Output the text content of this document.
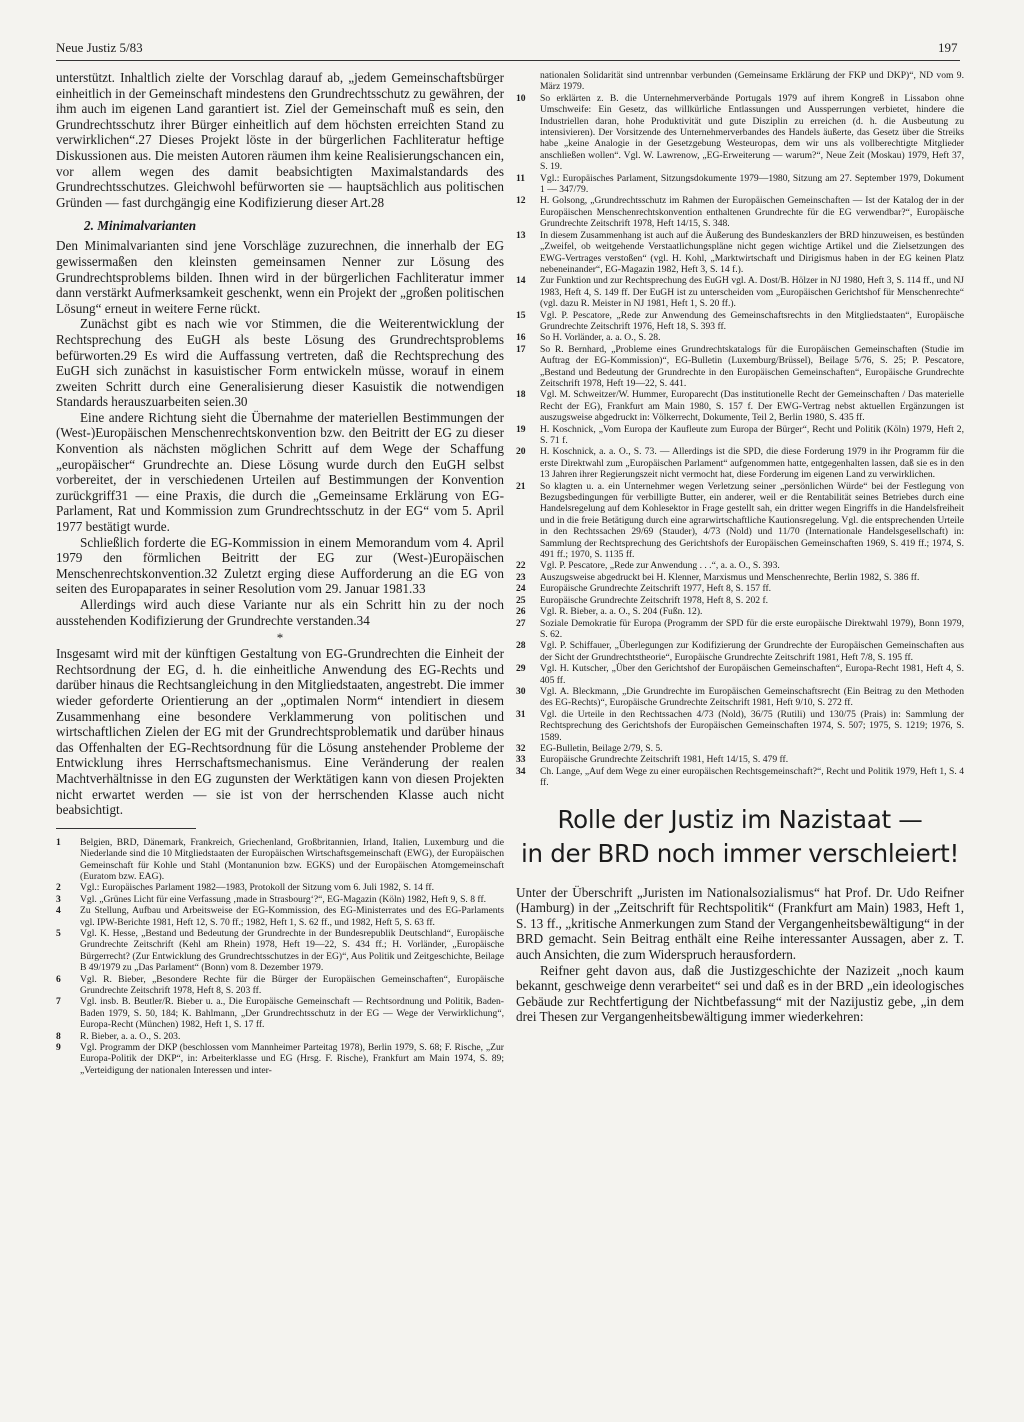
Neue Justiz 5/83	197

unterstützt. Inhaltlich zielte der Vorschlag darauf ab, „jedem Gemeinschaftsbürger einheitlich in der Gemeinschaft mindestens den Grundrechtsschutz zu gewähren, der ihm auch im eigenen Land garantiert ist. Ziel der Gemeinschaft muß es sein, den Grundrechtsschutz ihrer Bürger einheitlich auf dem höchsten erreichten Stand zu verwirklichen“.27 Dieses Projekt löste in der bürgerlichen Fachliteratur heftige Diskussionen aus. Die meisten Autoren räumen ihm keine Realisierungschancen ein, vor allem wegen des damit beabsichtigten Maximalstandards des Grundrechtsschutzes. Gleichwohl befürworten sie — hauptsächlich aus politischen Gründen — fast durchgängig eine Kodifizierung dieser Art.28

2. Minimalvarianten

Den Minimalvarianten sind jene Vorschläge zuzurechnen, die innerhalb der EG gewissermaßen den kleinsten gemeinsamen Nenner zur Lösung des Grundrechtsproblems bilden. Ihnen wird in der bürgerlichen Fachliteratur immer dann verstärkt Aufmerksamkeit geschenkt, wenn ein Projekt der „großen politischen Lösung“ erneut in weitere Ferne rückt.

Zunächst gibt es nach wie vor Stimmen, die die Weiterentwicklung der Rechtsprechung des EuGH als beste Lösung des Grundrechtsproblems befürworten.29 Es wird die Auffassung vertreten, daß die Rechtsprechung des EuGH sich zunächst in kasuistischer Form entwickeln müsse, worauf in einem zweiten Schritt durch eine Generalisierung dieser Kasuistik die notwendigen Standards herauszuarbeiten seien.30

Eine andere Richtung sieht die Übernahme der materiellen Bestimmungen der (West-)Europäischen Menschenrechtskonvention bzw. den Beitritt der EG zu dieser Konvention als nächsten möglichen Schritt auf dem Wege der Schaffung „europäischer“ Grundrechte an. Diese Lösung wurde durch den EuGH selbst vorbereitet, der in verschiedenen Urteilen auf Bestimmungen der Konvention zurückgriff31 — eine Praxis, die durch die „Gemeinsame Erklärung von EG-Parlament, Rat und Kommission zum Grundrechtsschutz in der EG“ vom 5. April 1977 bestätigt wurde.

Schließlich forderte die EG-Kommission in einem Memorandum vom 4. April 1979 den förmlichen Beitritt der EG zur (West-)Europäischen Menschenrechtskonvention.32 Zuletzt erging diese Aufforderung an die EG von seiten des Europaparates in seiner Resolution vom 29. Januar 1981.33

Allerdings wird auch diese Variante nur als ein Schritt hin zu der noch ausstehenden Kodifizierung der Grundrechte verstanden.34

*

Insgesamt wird mit der künftigen Gestaltung von EG-Grundrechten die Einheit der Rechtsordnung der EG, d. h. die einheitliche Anwendung des EG-Rechts und darüber hinaus die Rechtsangleichung in den Mitgliedstaaten, angestrebt. Die immer wieder geforderte Orientierung an der „optimalen Norm“ intendiert in diesem Zusammenhang eine besondere Verklammerung von politischen und wirtschaftlichen Zielen der EG mit der Grundrechtsproblematik und darüber hinaus das Offenhalten der EG-Rechtsordnung für die Lösung anstehender Probleme der Entwicklung ihres Herrschaftsmechanismus. Eine Veränderung der realen Machtverhältnisse in den EG zugunsten der Werktätigen kann von diesen Projekten nicht erwartet werden — sie ist von der herrschenden Klasse auch nicht beabsichtigt.

1	Belgien, BRD, Dänemark, Frankreich, Griechenland, Großbritannien, Irland, Italien, Luxemburg und die Niederlande sind die 10 Mitgliedstaaten der Europäischen Wirtschaftsgemeinschaft (EWG), der Europäischen Gemeinschaft für Kohle und Stahl (Montanunion bzw. EGKS) und der Europäischen Atomgemeinschaft (Euratom bzw. EAG).
2	Vgl.: Europäisches Parlament 1982—1983, Protokoll der Sitzung vom 6. Juli 1982, S. 14 ff.
3	Vgl. „Grünes Licht für eine Verfassung ‚made in Strasbourg‘?“, EG-Magazin (Köln) 1982, Heft 9, S. 8 ff.
4	Zu Stellung, Aufbau und Arbeitsweise der EG-Kommission, des EG-Ministerrates und des EG-Parlaments vgl. IPW-Berichte 1981, Heft 12, S. 70 ff.; 1982, Heft 1, S. 62 ff., und 1982, Heft 5, S. 63 ff.
5	Vgl. K. Hesse, „Bestand und Bedeutung der Grundrechte in der Bundesrepublik Deutschland“, Europäische Grundrechte Zeitschrift (Kehl am Rhein) 1978, Heft 19—22, S. 434 ff.; H. Vorländer, „Europäische Bürgerrecht? (Zur Entwicklung des Grundrechtsschutzes in der EG)“, Aus Politik und Zeitgeschichte, Beilage B 49/1979 zu „Das Parlament“ (Bonn) vom 8. Dezember 1979.
6	Vgl. R. Bieber, „Besondere Rechte für die Bürger der Europäischen Gemeinschaften“, Europäische Grundrechte Zeitschrift 1978, Heft 8, S. 203 ff.
7	Vgl. insb. B. Beutler/R. Bieber u. a., Die Europäische Gemeinschaft — Rechtsordnung und Politik, Baden-Baden 1979, S. 50, 184; K. Bahlmann, „Der Grundrechtsschutz in der EG — Wege der Verwirklichung“, Europa-Recht (München) 1982, Heft 1, S. 17 ff.
8	R. Bieber, a. a. O., S. 203.
9	Vgl. Programm der DKP (beschlossen vom Mannheimer Parteitag 1978), Berlin 1979, S. 68; F. Rische, „Zur Europa-Politik der DKP“, in: Arbeiterklasse und EG (Hrsg. F. Rische), Frankfurt am Main 1974, S. 89; „Verteidigung der nationalen Interessen und inter-
nationalen Solidarität sind untrennbar verbunden (Gemeinsame Erklärung der FKP und DKP)“, ND vom 9. März 1979.
10	So erklärten z. B. die Unternehmerverbände Portugals 1979 auf ihrem Kongreß in Lissabon ohne Umschweife: Ein Gesetz, das willkürliche Entlassungen und Aussperrungen verbietet, hindere die Industriellen daran, hohe Produktivität und gute Disziplin zu erreichen (d. h. die Ausbeutung zu intensivieren). Der Vorsitzende des Unternehmerverbandes des Handels äußerte, das Gesetz über die Streiks habe „keine Analogie in der Gesetzgebung Westeuropas, dem wir uns als vollberechtigte Mitglieder anschließen wollen“. Vgl. W. Lawrenow, „EG-Erweiterung — warum?“, Neue Zeit (Moskau) 1979, Heft 37, S. 19.
11	Vgl.: Europäisches Parlament, Sitzungsdokumente 1979—1980, Sitzung am 27. September 1979, Dokument 1 — 347/79.
12	H. Golsong, „Grundrechtsschutz im Rahmen der Europäischen Gemeinschaften — Ist der Katalog der in der Europäischen Menschenrechtskonvention enthaltenen Grundrechte für die EG verwendbar?“, Europäische Grundrechte Zeitschrift 1978, Heft 14/15, S. 348.
13	In diesem Zusammenhang ist auch auf die Äußerung des Bundeskanzlers der BRD hinzuweisen, es bestünden „Zweifel, ob weitgehende Verstaatlichungspläne nicht gegen wichtige Artikel und die Zielsetzungen des EWG-Vertrages verstoßen“ (vgl. H. Kohl, „Marktwirtschaft und Dirigismus haben in der EG keinen Platz nebeneinander“, EG-Magazin 1982, Heft 3, S. 14 f.).
14	Zur Funktion und zur Rechtsprechung des EuGH vgl. A. Dost/B. Hölzer in NJ 1980, Heft 3, S. 114 ff., und NJ 1983, Heft 4, S. 149 ff. Der EuGH ist zu unterscheiden vom „Europäischen Gerichtshof für Menschenrechte“ (vgl. dazu R. Meister in NJ 1981, Heft 1, S. 20 ff.).
15	Vgl. P. Pescatore, „Rede zur Anwendung des Gemeinschaftsrechts in den Mitgliedstaaten“, Europäische Grundrechte Zeitschrift 1976, Heft 18, S. 393 ff.
16	So H. Vorländer, a. a. O., S. 28.
17	So R. Bernhard, „Probleme eines Grundrechtskatalogs für die Europäischen Gemeinschaften (Studie im Auftrag der EG-Kommission)“, EG-Bulletin (Luxemburg/Brüssel), Beilage 5/76, S. 25; P. Pescatore, „Bestand und Bedeutung der Grundrechte in den Europäischen Gemeinschaften“, Europäische Grundrechte Zeitschrift 1978, Heft 19—22, S. 441.
18	Vgl. M. Schweitzer/W. Hummer, Europarecht (Das institutionelle Recht der Gemeinschaften / Das materielle Recht der EG), Frankfurt am Main 1980, S. 157 f. Der EWG-Vertrag nebst aktuellen Ergänzungen ist auszugsweise abgedruckt in: Völkerrecht, Dokumente, Teil 2, Berlin 1980, S. 435 ff.
19	H. Koschnick, „Vom Europa der Kaufleute zum Europa der Bürger“, Recht und Politik (Köln) 1979, Heft 2, S. 71 f.
20	H. Koschnick, a. a. O., S. 73. — Allerdings ist die SPD, die diese Forderung 1979 in ihr Programm für die erste Direktwahl zum „Europäischen Parlament“ aufgenommen hatte, entgegenhalten lassen, daß sie es in den 13 Jahren ihrer Regierungszeit nicht vermocht hat, diese Forderung im eigenen Land zu verwirklichen.
21	So klagten u. a. ein Unternehmer wegen Verletzung seiner „persönlichen Würde“ bei der Festlegung von Bezugsbedingungen für verbilligte Butter, ein anderer, weil er die Rentabilität seines Betriebes durch eine Handelsregelung auf dem Kohlesektor in Frage gestellt sah, ein dritter wegen Eingriffs in die Handelsfreiheit und in die freie Betätigung durch eine agrarwirtschaftliche Kautionsregelung. Vgl. die entsprechenden Urteile in den Rechtssachen 29/69 (Stauder), 4/73 (Nold) und 11/70 (Internationale Handelsgesellschaft) in: Sammlung der Rechtsprechung des Gerichtshofs der Europäischen Gemeinschaften 1969, S. 419 ff.; 1974, S. 491 ff.; 1970, S. 1135 ff.
22	Vgl. P. Pescatore, „Rede zur Anwendung . . .“, a. a. O., S. 393.
23	Auszugsweise abgedruckt bei H. Klenner, Marxismus und Menschenrechte, Berlin 1982, S. 386 ff.
24	Europäische Grundrechte Zeitschrift 1977, Heft 8, S. 157 ff.
25	Europäische Grundrechte Zeitschrift 1978, Heft 8, S. 202 f.
26	Vgl. R. Bieber, a. a. O., S. 204 (Fußn. 12).
27	Soziale Demokratie für Europa (Programm der SPD für die erste europäische Direktwahl 1979), Bonn 1979, S. 62.
28	Vgl. P. Schiffauer, „Überlegungen zur Kodifizierung der Grundrechte der Europäischen Gemeinschaften aus der Sicht der Grundrechtstheorie“, Europäische Grundrechte Zeitschrift 1981, Heft 7/8, S. 195 ff.
29	Vgl. H. Kutscher, „Über den Gerichtshof der Europäischen Gemeinschaften“, Europa-Recht 1981, Heft 4, S. 405 ff.
30	Vgl. A. Bleckmann, „Die Grundrechte im Europäischen Gemeinschaftsrecht (Ein Beitrag zu den Methoden des EG-Rechts)“, Europäische Grundrechte Zeitschrift 1981, Heft 9/10, S. 272 ff.
31	Vgl. die Urteile in den Rechtssachen 4/73 (Nold), 36/75 (Rutili) und 130/75 (Prais) in: Sammlung der Rechtsprechung des Gerichtshofs der Europäischen Gemeinschaften 1974, S. 507; 1975, S. 1219; 1976, S. 1589.
32	EG-Bulletin, Beilage 2/79, S. 5.
33	Europäische Grundrechte Zeitschrift 1981, Heft 14/15, S. 479 ff.
34	Ch. Lange, „Auf dem Wege zu einer europäischen Rechtsgemeinschaft?“, Recht und Politik 1979, Heft 1, S. 4 ff.
Rolle der Justiz im Nazistaat —
in der BRD noch immer verschleiert!

Unter der Überschrift „Juristen im Nationalsozialismus“ hat Prof. Dr. Udo Reifner (Hamburg) in der „Zeitschrift für Rechtspolitik“ (Frankfurt am Main) 1983, Heft 1, S. 13 ff., „kritische Anmerkungen zum Stand der Vergangenheitsbewältigung“ in der BRD gemacht. Sein Beitrag enthält eine Reihe interessanter Aussagen, aber z. T. auch Ansichten, die zum Widerspruch herausfordern.

Reifner geht davon aus, daß die Justizgeschichte der Nazizeit „noch kaum bekannt, geschweige denn verarbeitet“ sei und daß es in der BRD „ein ideologisches Gebäude zur Rechtfertigung der Nichtbefassung“ mit der Nazijustiz gebe, „in dem drei Thesen zur Vergangenheitsbewältigung immer wiederkehren:
